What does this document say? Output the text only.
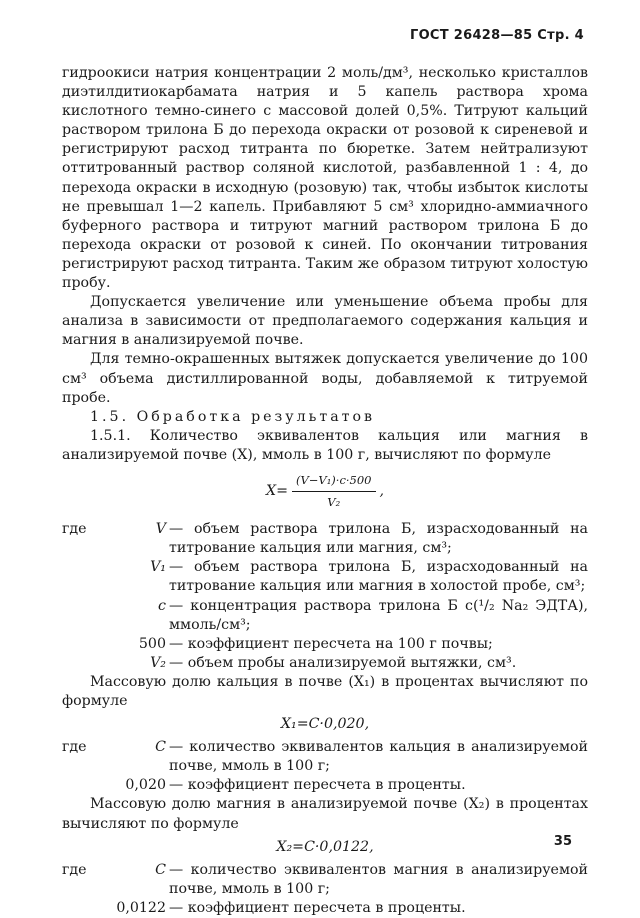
ГОСТ 26428—85 Стр. 4

гидроокиси натрия концентрации 2 моль/дм³, несколько кристаллов диэтилдитиокарбамата натрия и 5 капель раствора хрома кислотного темно-синего с массовой долей 0,5%. Титруют кальций раствором трилона Б до перехода окраски от розовой к сиреневой и регистрируют расход титранта по бюретке. Затем нейтрализуют оттитрованный раствор соляной кислотой, разбавленной 1 : 4, до перехода окраски в исходную (розовую) так, чтобы избыток кислоты не превышал 1—2 капель. Прибавляют 5 см³ хлоридно-аммиачного буферного раствора и титруют магний раствором трилона Б до перехода окраски от розовой к синей. По окончании титрования регистрируют расход титранта. Таким же образом титруют холостую пробу.

Допускается увеличение или уменьшение объема пробы для анализа в зависимости от предполагаемого содержания кальция и магния в анализируемой почве.

Для темно-окрашенных вытяжек допускается увеличение до 100 см³ объема дистиллированной воды, добавляемой к титруемой пробе.

1.5. Обработка результатов

1.5.1. Количество эквивалентов кальция или магния в анализируемой почве (X), ммоль в 100 г, вычисляют по формуле

$X= \frac{\text{(V−V₁)·c·500}}{\text{V₂}}$ ,
где	V	— объем раствора трилона Б, израсходованный на титрование кальция или магния, см³;
	V₁	— объем раствора трилона Б, израсходованный на титрование кальция или магния в холостой пробе, см³;
	c	— концентрация раствора трилона Б с(¹/₂ Na₂ ЭДТА), ммоль/см³;
	500	— коэффициент пересчета на 100 г почвы;
	V₂	— объем пробы анализируемой вытяжки, см³.

Массовую долю кальция в почве (X₁) в процентах вычисляют по формуле

X₁=C·0,020,
где	C	— количество эквивалентов кальция в анализируемой почве, ммоль в 100 г;
	0,020	— коэффициент пересчета в проценты.

Массовую долю магния в анализируемой почве (X₂) в процентах вычисляют по формуле

X₂=C·0,0122,
где	C	— количество эквивалентов магния в анализируемой почве, ммоль в 100 г;
	0,0122	— коэффициент пересчета в проценты.
35
